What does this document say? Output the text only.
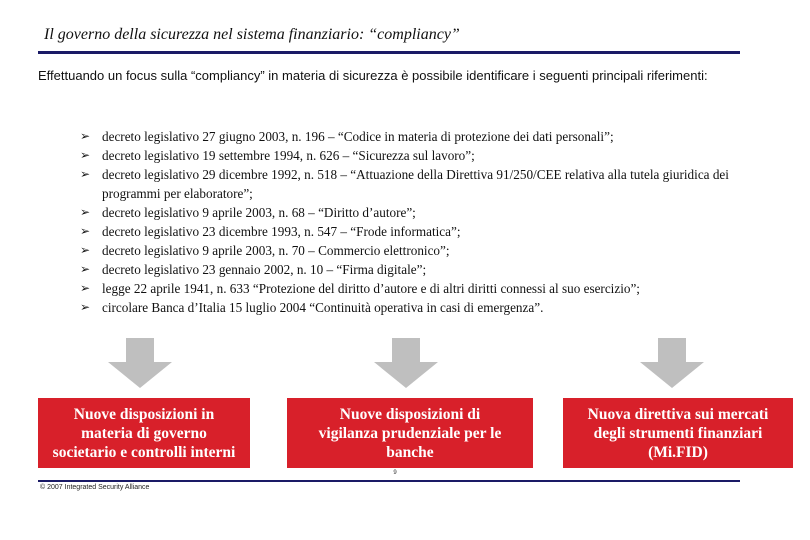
Il governo della sicurezza nel sistema finanziario: “compliancy”
Effettuando un focus sulla “compliancy” in materia di sicurezza è possibile identificare i seguenti principali riferimenti:
➢ decreto legislativo 27 giugno 2003, n. 196 – “Codice in materia di protezione dei dati personali”;
➢ decreto legislativo 19 settembre 1994, n. 626 – “Sicurezza sul lavoro”;
➢ decreto legislativo 29 dicembre 1992, n. 518 – “Attuazione della Direttiva 91/250/CEE relativa alla tutela giuridica dei programmi per elaboratore”;
➢ decreto legislativo 9 aprile 2003, n. 68 – “Diritto d’autore”;
➢ decreto legislativo 23 dicembre 1993, n. 547 – “Frode informatica”;
➢ decreto legislativo 9 aprile 2003, n. 70 – Commercio elettronico”;
➢ decreto legislativo 23 gennaio 2002, n. 10 – “Firma digitale”;
➢ legge 22 aprile 1941, n. 633 “Protezione del diritto d’autore e di altri diritti connessi al suo esercizio”;
➢ circolare Banca d’Italia 15 luglio 2004 “Continuità operativa in casi di emergenza”.
Nuove disposizioni in
materia di governo
societario e controlli interni
Nuove disposizioni di
vigilanza prudenziale per le
banche
Nuova direttiva sui mercati
degli strumenti finanziari
(Mi.FID)
9
© 2007 Integrated Security Alliance
